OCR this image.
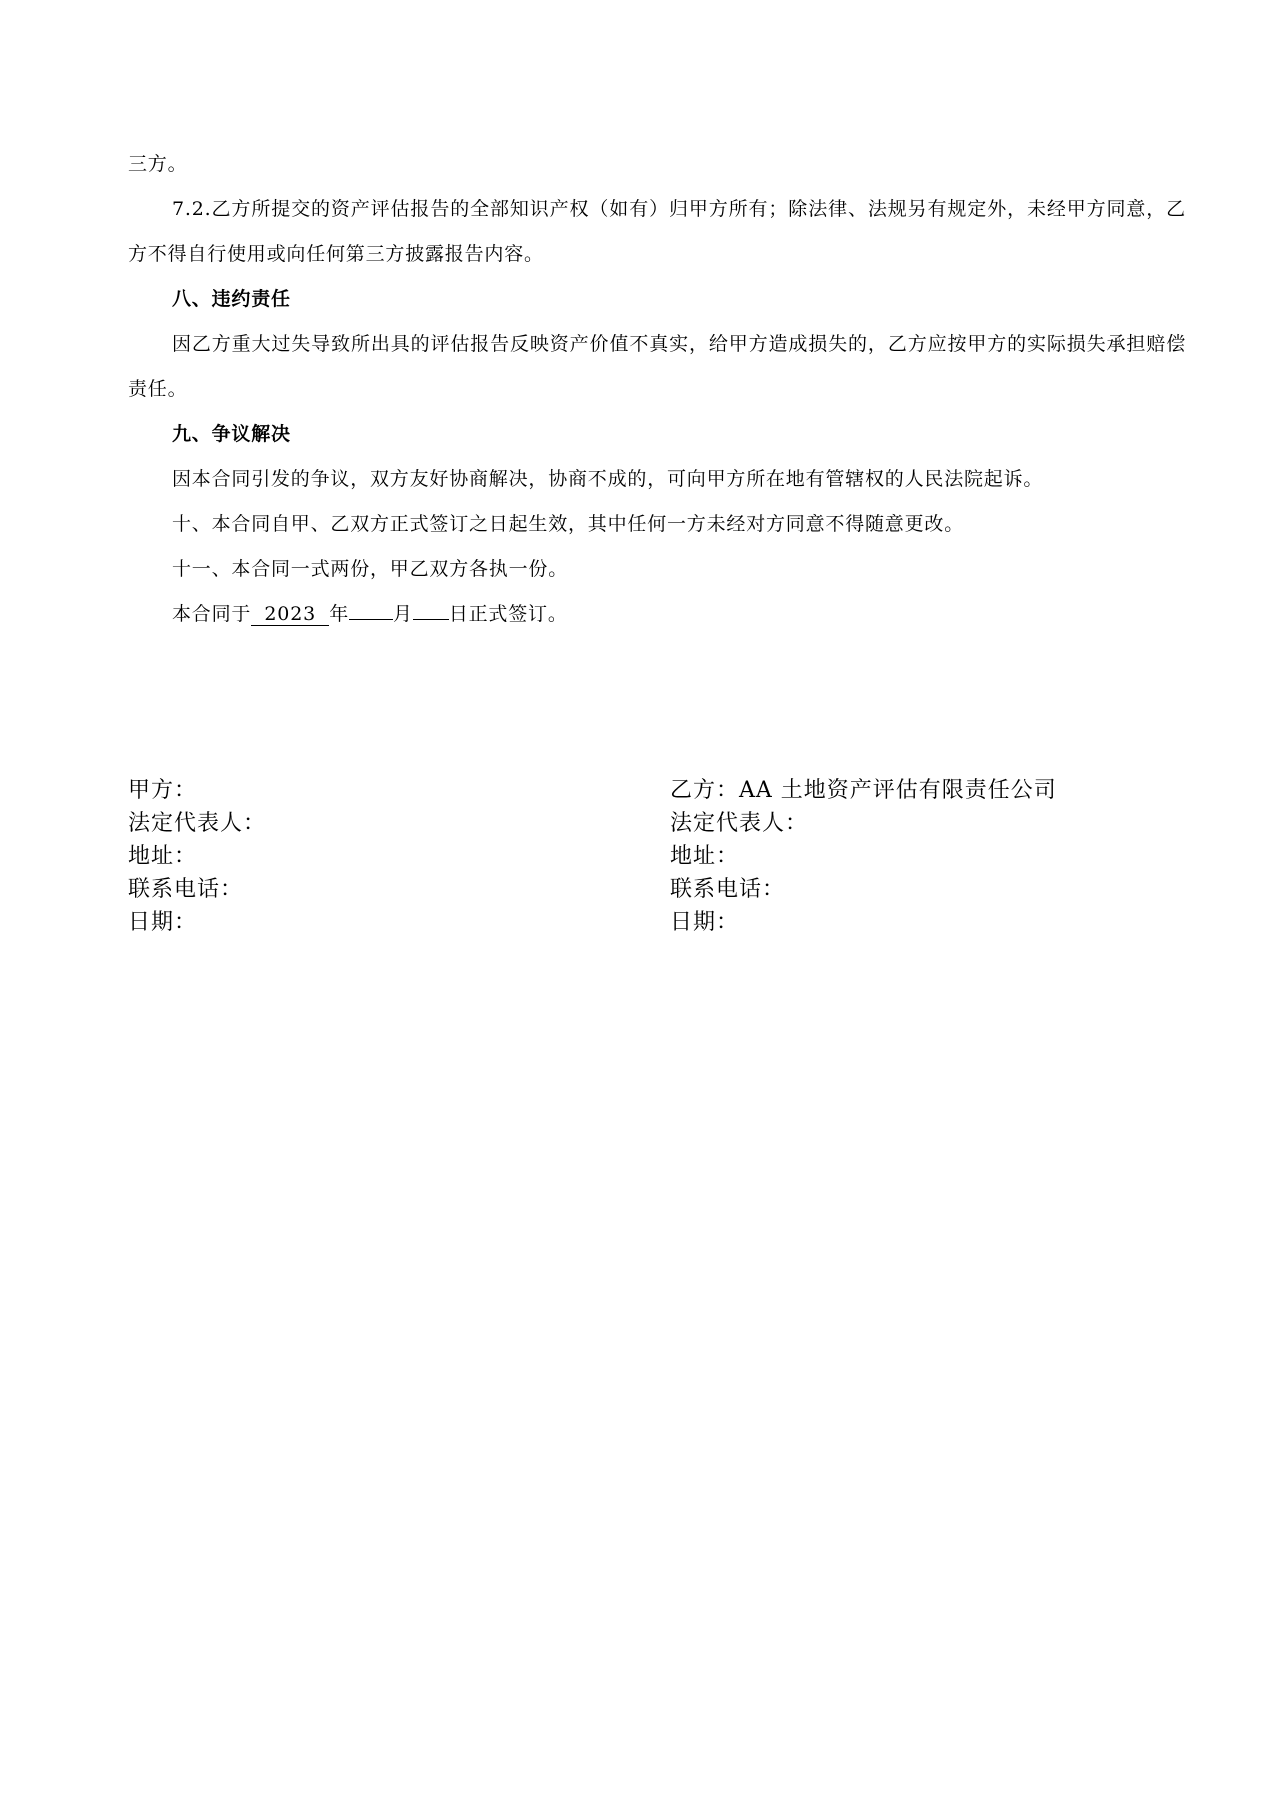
三方。

7.2.乙方所提交的资产评估报告的全部知识产权（如有）归甲方所有；除法律、法规另有规定外，未经甲方同意，乙方不得自行使用或向任何第三方披露报告内容。

八、违约责任

因乙方重大过失导致所出具的评估报告反映资产价值不真实，给甲方造成损失的，乙方应按甲方的实际损失承担赔偿责任。

九、争议解决

因本合同引发的争议，双方友好协商解决，协商不成的，可向甲方所在地有管辖权的人民法院起诉。

十、本合同自甲、乙双方正式签订之日起生效，其中任何一方未经对方同意不得随意更改。

十一、本合同一式两份，甲乙双方各执一份。

本合同于 2023 年 月 日正式签订。

甲方：
法定代表人：
地址：
联系电话：
日期：
乙方：AA 土地资产评估有限责任公司
法定代表人：
地址：
联系电话：
日期：
